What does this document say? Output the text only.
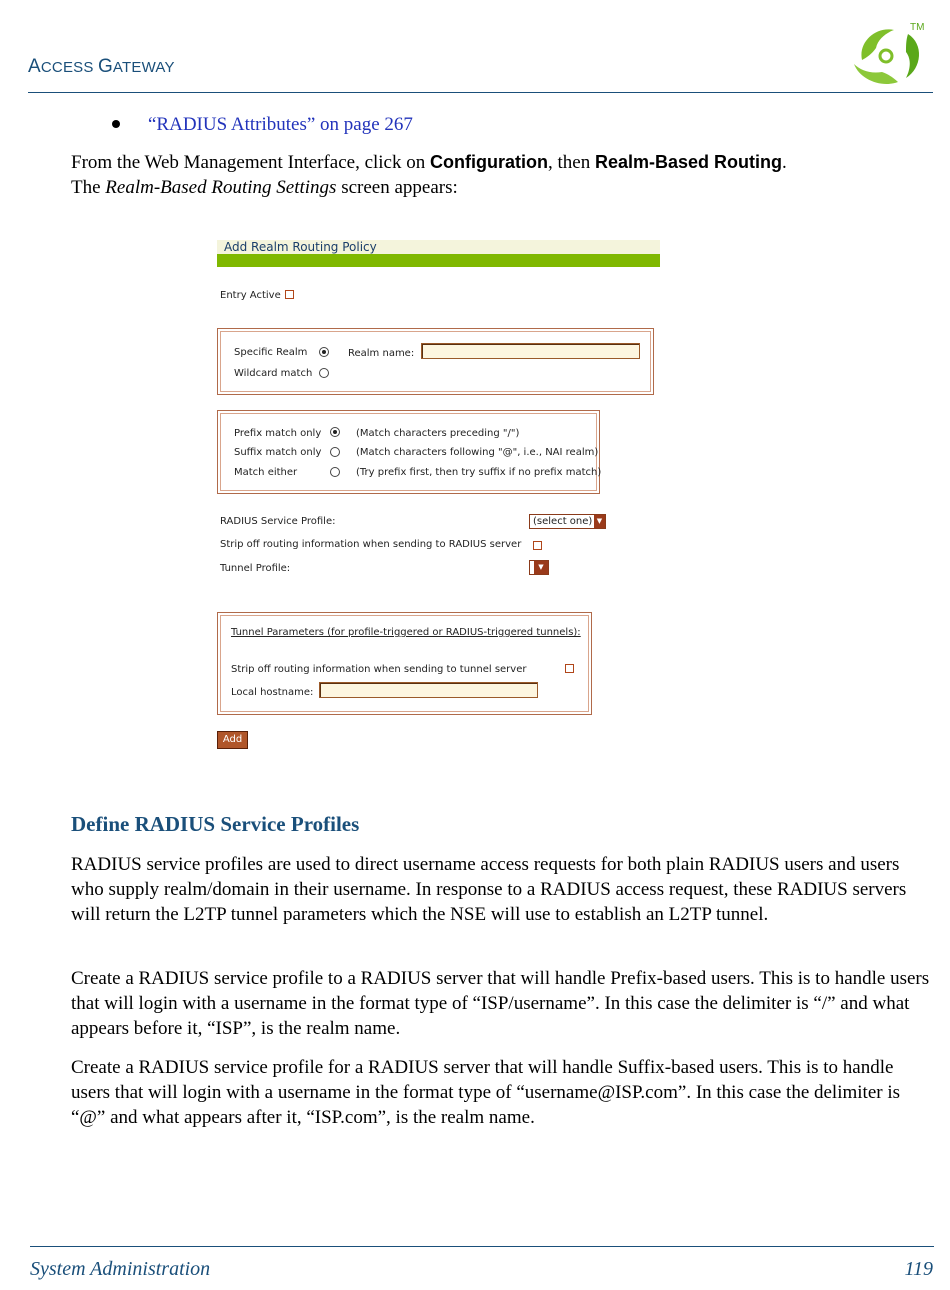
ACCESS GATEWAY
TM
“RADIUS Attributes” on page 267
From the Web Management Interface, click on Configuration, then Realm-Based Routing.
The Realm-Based Routing Settings screen appears:
Add Realm Routing Policy
Entry Active
Specific Realm	Realm name:
Wildcard match
Prefix match only	(Match characters preceding "/")
Suffix match only	(Match characters following "@", i.e., NAI realm)
Match either	(Try prefix first, then try suffix if no prefix match)
RADIUS Service Profile:	(select one) ▼
Strip off routing information when sending to RADIUS server
Tunnel Profile:	▼
Tunnel Parameters (for profile-triggered or RADIUS-triggered tunnels):
Strip off routing information when sending to tunnel server
Local hostname:
Add
Define RADIUS Service Profiles
RADIUS service profiles are used to direct username access requests for both plain RADIUS users and users who supply realm/domain in their username. In response to a RADIUS access request, these RADIUS servers will return the L2TP tunnel parameters which the NSE will use to establish an L2TP tunnel.
Create a RADIUS service profile to a RADIUS server that will handle Prefix-based users. This is to handle users that will login with a username in the format type of “ISP/username”. In this case the delimiter is “/” and what appears before it, “ISP”, is the realm name.
Create a RADIUS service profile for a RADIUS server that will handle Suffix-based users. This is to handle users that will login with a username in the format type of “username@ISP.com”. In this case the delimiter is “@” and what appears after it, “ISP.com”, is the realm name.
System Administration	119
